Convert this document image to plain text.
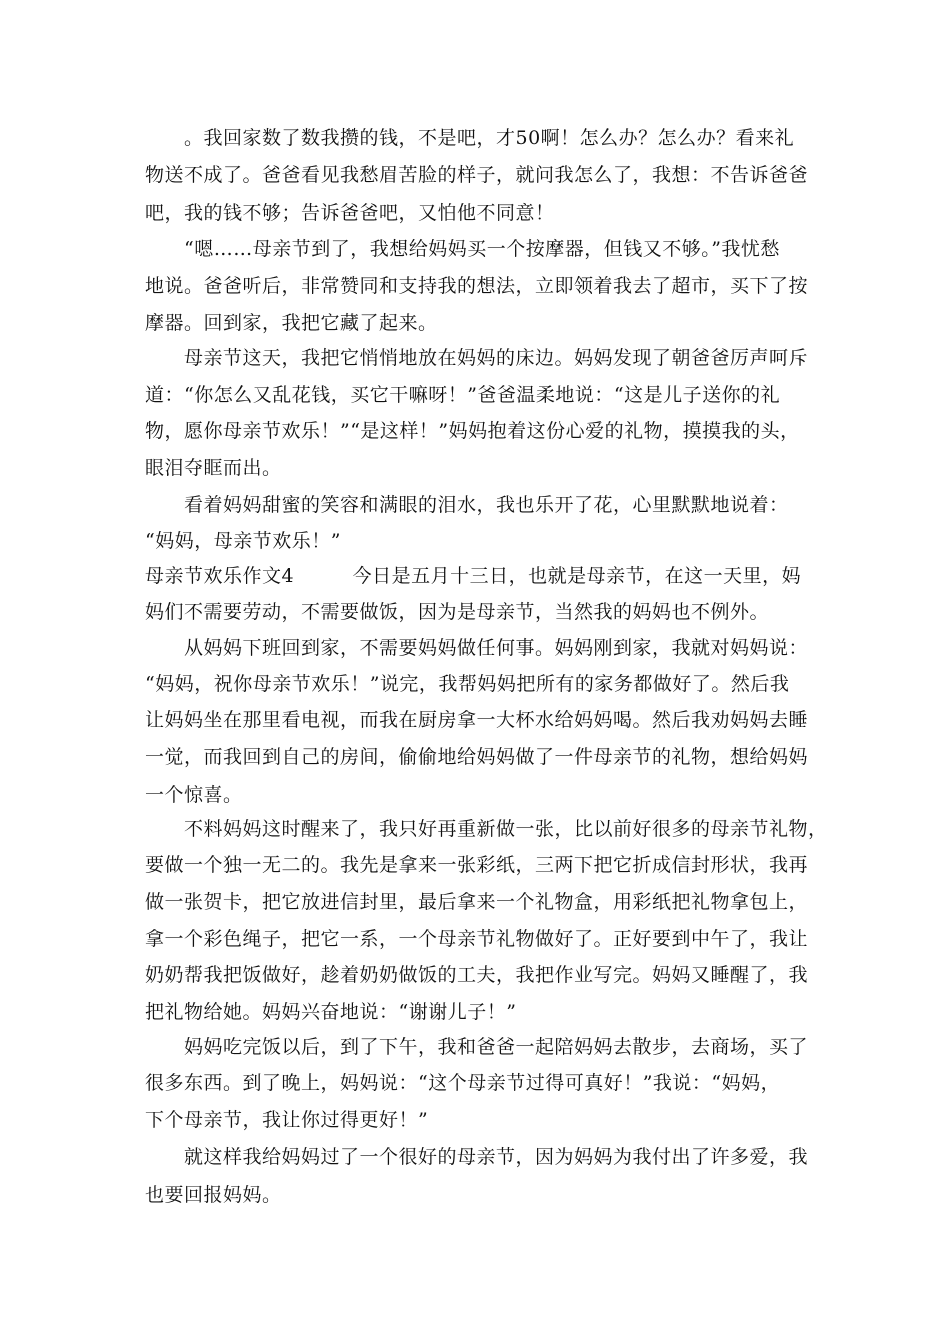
　　。我回家数了数我攒的钱，不是吧，才50啊！怎么办？怎么办？看来礼
物送不成了。爸爸看见我愁眉苦脸的样子，就问我怎么了，我想：不告诉爸爸
吧，我的钱不够；告诉爸爸吧，又怕他不同意！
　　“嗯……母亲节到了，我想给妈妈买一个按摩器，但钱又不够。”我忧愁
地说。爸爸听后，非常赞同和支持我的想法，立即领着我去了超市，买下了按
摩器。回到家，我把它藏了起来。
　　母亲节这天，我把它悄悄地放在妈妈的床边。妈妈发现了朝爸爸厉声呵斥
道：“你怎么又乱花钱，买它干嘛呀！”爸爸温柔地说：“这是儿子送你的礼
物，愿你母亲节欢乐！”“是这样！”妈妈抱着这份心爱的礼物，摸摸我的头，
眼泪夺眶而出。
　　看着妈妈甜蜜的笑容和满眼的泪水，我也乐开了花，心里默默地说着：
“妈妈，母亲节欢乐！”
母亲节欢乐作文4　　　今日是五月十三日，也就是母亲节，在这一天里，妈
妈们不需要劳动，不需要做饭，因为是母亲节，当然我的妈妈也不例外。
　　从妈妈下班回到家，不需要妈妈做任何事。妈妈刚到家，我就对妈妈说：
“妈妈，祝你母亲节欢乐！”说完，我帮妈妈把所有的家务都做好了。然后我
让妈妈坐在那里看电视，而我在厨房拿一大杯水给妈妈喝。然后我劝妈妈去睡
一觉，而我回到自己的房间，偷偷地给妈妈做了一件母亲节的礼物，想给妈妈
一个惊喜。
　　不料妈妈这时醒来了，我只好再重新做一张，比以前好很多的母亲节礼物，
要做一个独一无二的。我先是拿来一张彩纸，三两下把它折成信封形状，我再
做一张贺卡，把它放进信封里，最后拿来一个礼物盒，用彩纸把礼物拿包上，
拿一个彩色绳子，把它一系，一个母亲节礼物做好了。正好要到中午了，我让
奶奶帮我把饭做好，趁着奶奶做饭的工夫，我把作业写完。妈妈又睡醒了，我
把礼物给她。妈妈兴奋地说：“谢谢儿子！”
　　妈妈吃完饭以后，到了下午，我和爸爸一起陪妈妈去散步，去商场，买了
很多东西。到了晚上，妈妈说：“这个母亲节过得可真好！”我说：“妈妈，
下个母亲节，我让你过得更好！”
　　就这样我给妈妈过了一个很好的母亲节，因为妈妈为我付出了许多爱，我
也要回报妈妈。
